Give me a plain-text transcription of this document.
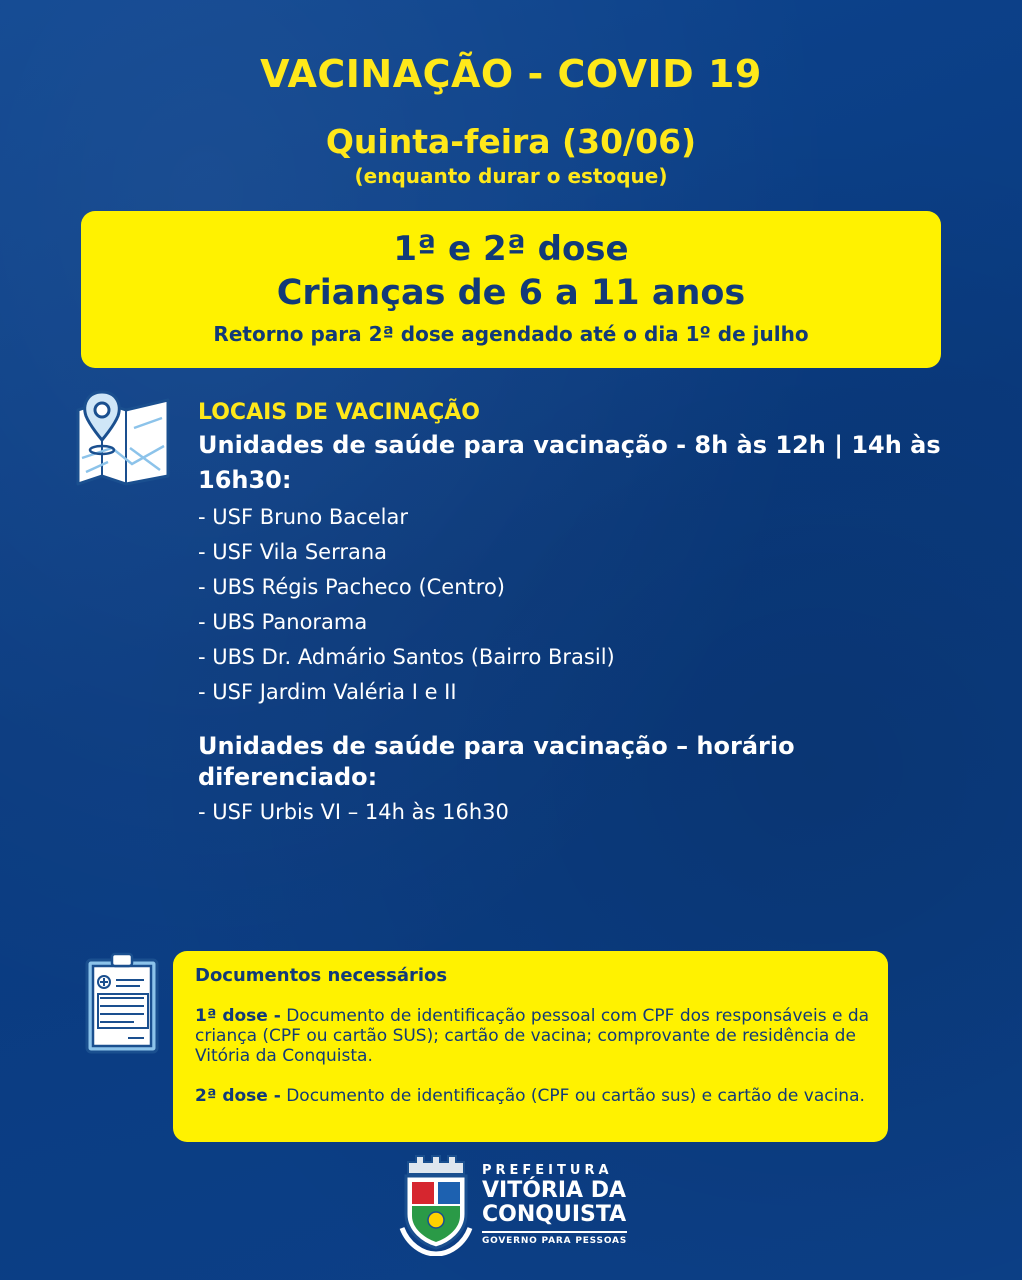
VACINAÇÃO - COVID 19
Quinta-feira (30/06)
(enquanto durar o estoque)
1ª e 2ª dose
Crianças de 6 a 11 anos
Retorno para 2ª dose agendado até o dia 1º de julho
LOCAIS DE VACINAÇÃO
Unidades de saúde para vacinação - 8h às 12h | 14h às 16h30:
- USF Bruno Bacelar
- USF Vila Serrana
- UBS Régis Pacheco (Centro)
- UBS Panorama
- UBS Dr. Admário Santos (Bairro Brasil)
- USF Jardim Valéria I e II
Unidades de saúde para vacinação – horário diferenciado:
- USF Urbis VI – 14h às 16h30
Documentos necessários

1ª dose - Documento de identificação pessoal com CPF dos responsáveis e da criança (CPF ou cartão SUS); cartão de vacina; comprovante de residência de Vitória da Conquista.

2ª dose - Documento de identificação (CPF ou cartão sus) e cartão de vacina.

PREFEITURA
VITÓRIA DA
CONQUISTA
GOVERNO PARA PESSOAS
